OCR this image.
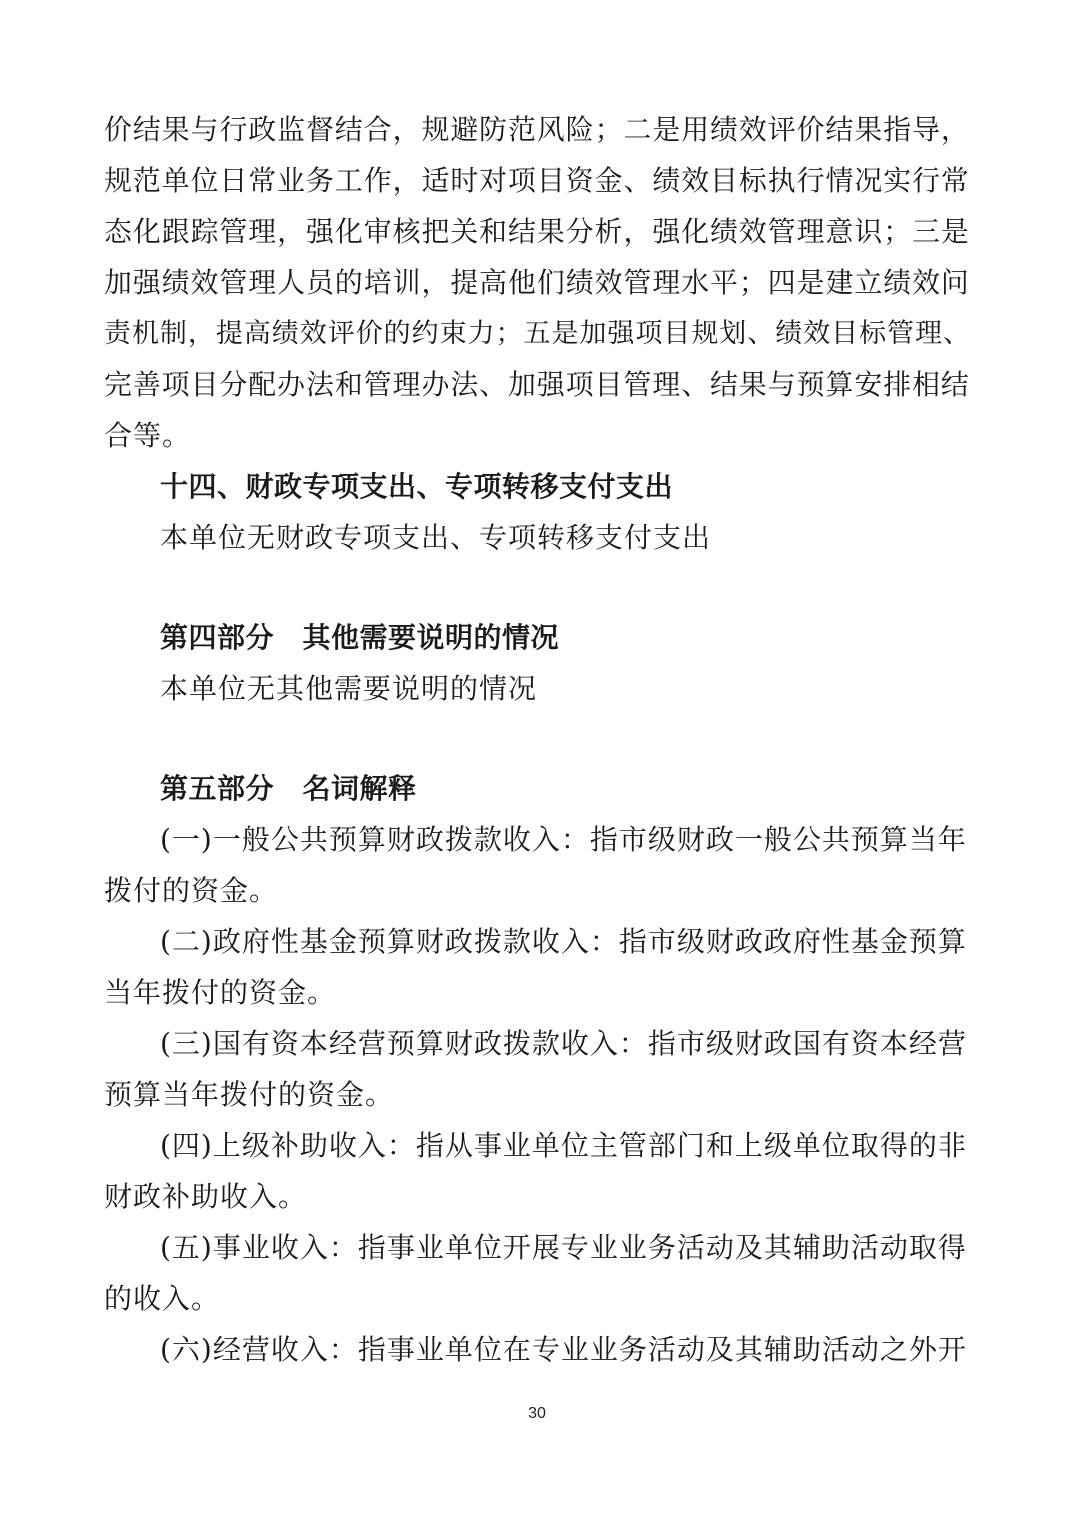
价结果与行政监督结合，规避防范风险；二是用绩效评价结果指导，
规范单位日常业务工作，适时对项目资金、绩效目标执行情况实行常
态化跟踪管理，强化审核把关和结果分析，强化绩效管理意识；三是
加强绩效管理人员的培训，提高他们绩效管理水平；四是建立绩效问
责机制，提高绩效评价的约束力；五是加强项目规划、绩效目标管理、
完善项目分配办法和管理办法、加强项目管理、结果与预算安排相结
合等。
十四、财政专项支出、专项转移支付支出
本单位无财政专项支出、专项转移支付支出
第四部分　其他需要说明的情况
本单位无其他需要说明的情况
第五部分　名词解释
(一)一般公共预算财政拨款收入：指市级财政一般公共预算当年
拨付的资金。
(二)政府性基金预算财政拨款收入：指市级财政政府性基金预算
当年拨付的资金。
(三)国有资本经营预算财政拨款收入：指市级财政国有资本经营
预算当年拨付的资金。
(四)上级补助收入：指从事业单位主管部门和上级单位取得的非
财政补助收入。
(五)事业收入：指事业单位开展专业业务活动及其辅助活动取得
的收入。
(六)经营收入：指事业单位在专业业务活动及其辅助活动之外开
30
